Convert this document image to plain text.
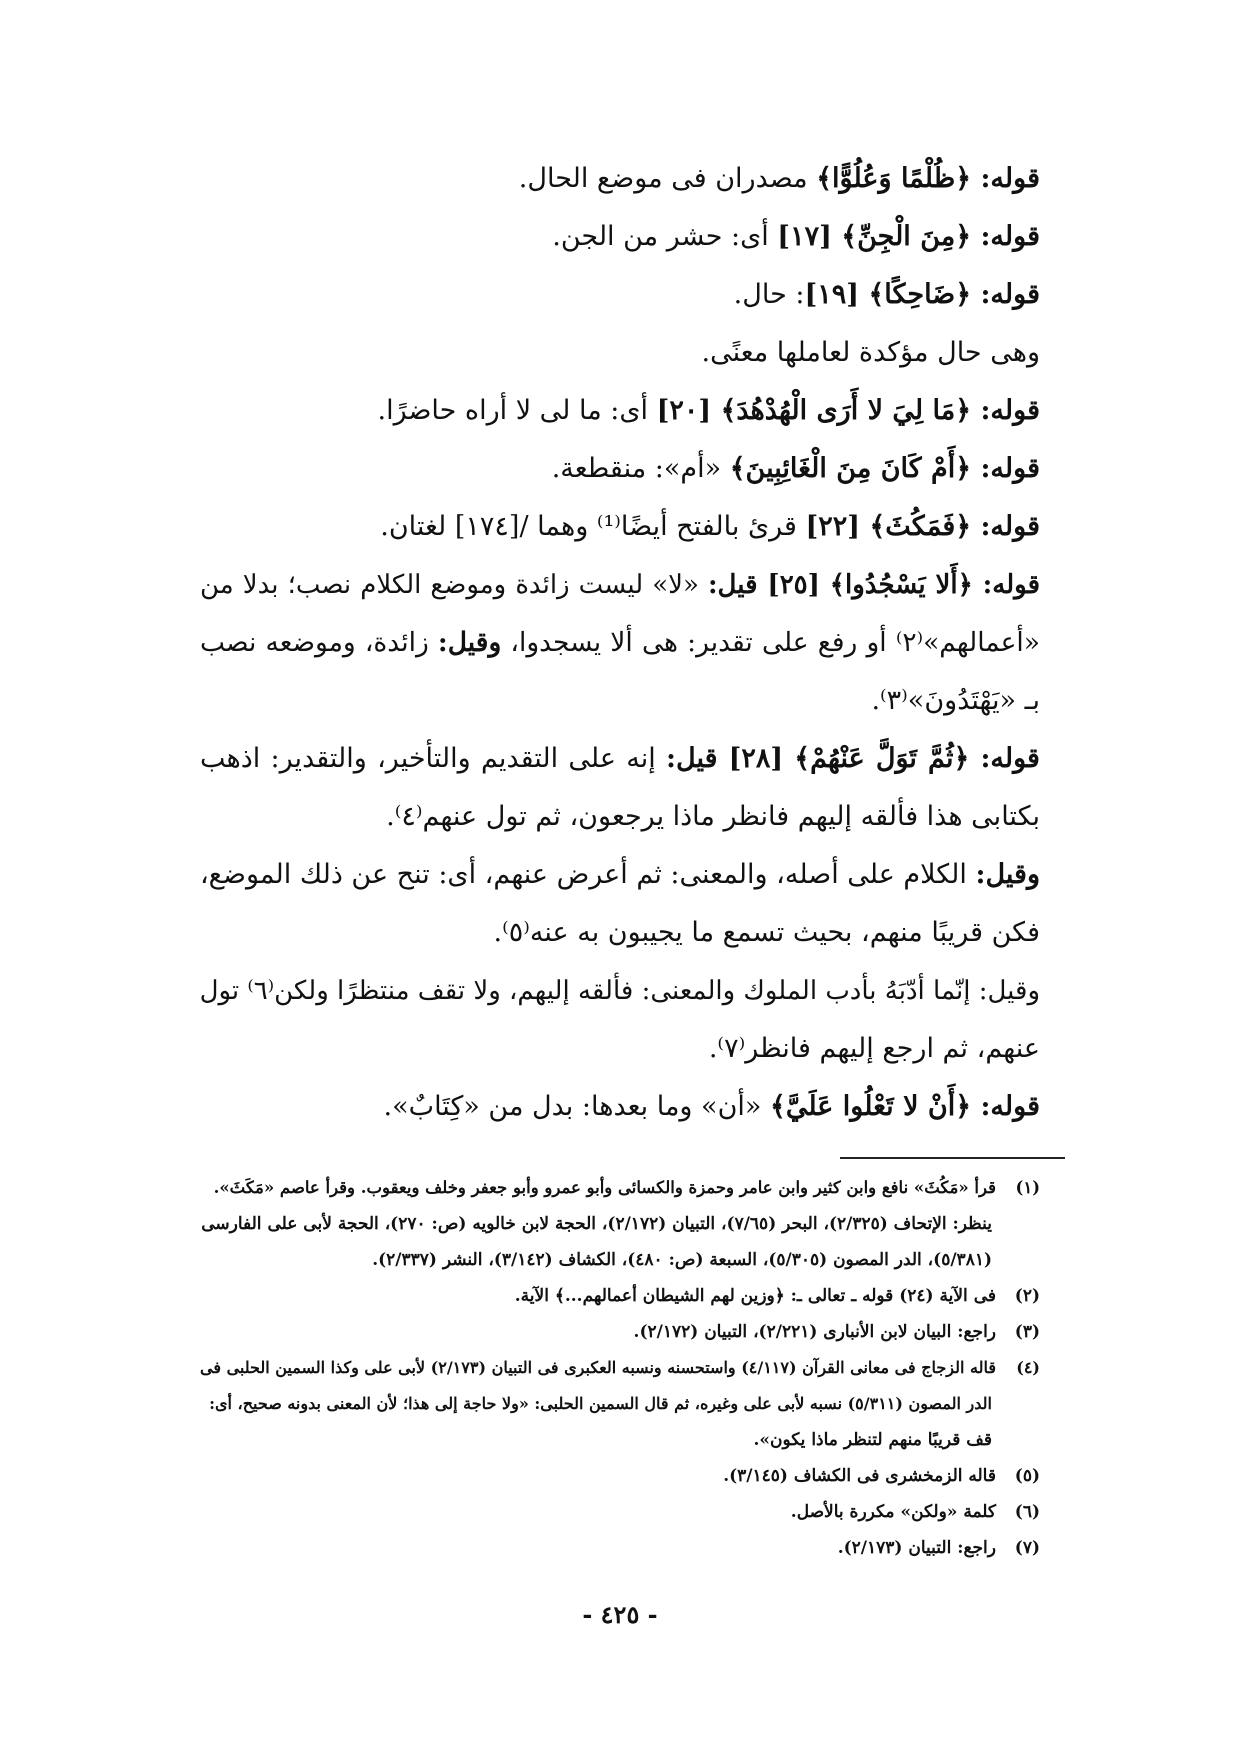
قوله: ﴿ظُلْمًا وَعُلُوًّا﴾ مصدران فى موضع الحال.
قوله: ﴿مِنَ الْجِنِّ﴾ [١٧] أى: حشر من الجن.
قوله: ﴿ضَاحِكًا﴾ [١٩]: حال.
وهى حال مؤكدة لعاملها معنًى.
قوله: ﴿مَا لِيَ لا أَرَى الْهُدْهُدَ﴾ [٢٠] أى: ما لى لا أراه حاضرًا.
قوله: ﴿أَمْ كَانَ مِنَ الْغَائِبِينَ﴾ «أم»: منقطعة.
قوله: ﴿فَمَكُثَ﴾ [٢٢] قرئ بالفتح أيضًا⁽¹⁾ وهما /[١٧٤] لغتان.
قوله: ﴿أَلا يَسْجُدُوا﴾ [٢٥] قيل: «لا» ليست زائدة وموضع الكلام نصب؛ بدلا من
«أعمالهم»⁽٢⁾ أو رفع على تقدير: هى ألا يسجدوا، وقيل: زائدة، وموضعه نصب
بـ «يَهْتَدُونَ»⁽٣⁾.
قوله: ﴿ثُمَّ تَوَلَّ عَنْهُمْ﴾ [٢٨] قيل: إنه على التقديم والتأخير، والتقدير: اذهب
بكتابى هذا فألقه إليهم فانظر ماذا يرجعون، ثم تول عنهم⁽٤⁾.
وقيل: الكلام على أصله، والمعنى: ثم أعرض عنهم، أى: تنح عن ذلك الموضع،
فكن قريبًا منهم، بحيث تسمع ما يجيبون به عنه⁽٥⁾.
وقيل: إنّما أدّبَهُ بأدب الملوك والمعنى: فألقه إليهم، ولا تقف منتظرًا ولكن⁽٦⁾ تول
عنهم، ثم ارجع إليهم فانظر⁽٧⁾.
قوله: ﴿أَنْ لا تَعْلُوا عَلَيَّ﴾ «أن» وما بعدها: بدل من «كِتَابٌ».
(١)قرأ «مَكُثَ» نافع وابن كثير وابن عامر وحمزة والكسائى وأبو عمرو وأبو جعفر وخلف ويعقوب. وقرأ عاصم «مَكَثَ».
ينظر: الإتحاف (٢/٣٢٥)، البحر (٧/٦٥)، التبيان (٢/١٧٢)، الحجة لابن خالويه (ص: ٢٧٠)، الحجة لأبى على الفارسى
(٥/٣٨١)، الدر المصون (٥/٣٠٥)، السبعة (ص: ٤٨٠)، الكشاف (٣/١٤٢)، النشر (٢/٣٣٧).
(٢)فى الآية (٢٤) قوله ـ تعالى ـ: ﴿وزين لهم الشيطان أعمالهم...﴾ الآية.
(٣)راجع: البيان لابن الأنبارى (٢/٢٢١)، التبيان (٢/١٧٢).
(٤)قاله الزجاج فى معانى القرآن (٤/١١٧) واستحسنه ونسبه العكبرى فى التبيان (٢/١٧٣) لأبى على وكذا السمين الحلبى فى
الدر المصون (٥/٣١١) نسبه لأبى على وغيره، ثم قال السمين الحلبى: «ولا حاجة إلى هذا؛ لأن المعنى بدونه صحيح، أى:
قف قريبًا منهم لتنظر ماذا يكون».
(٥)قاله الزمخشرى فى الكشاف (٣/١٤٥).
(٦)كلمة «ولكن» مكررة بالأصل.
(٧)راجع: التبيان (٢/١٧٣).
- ٤٢٥ -
